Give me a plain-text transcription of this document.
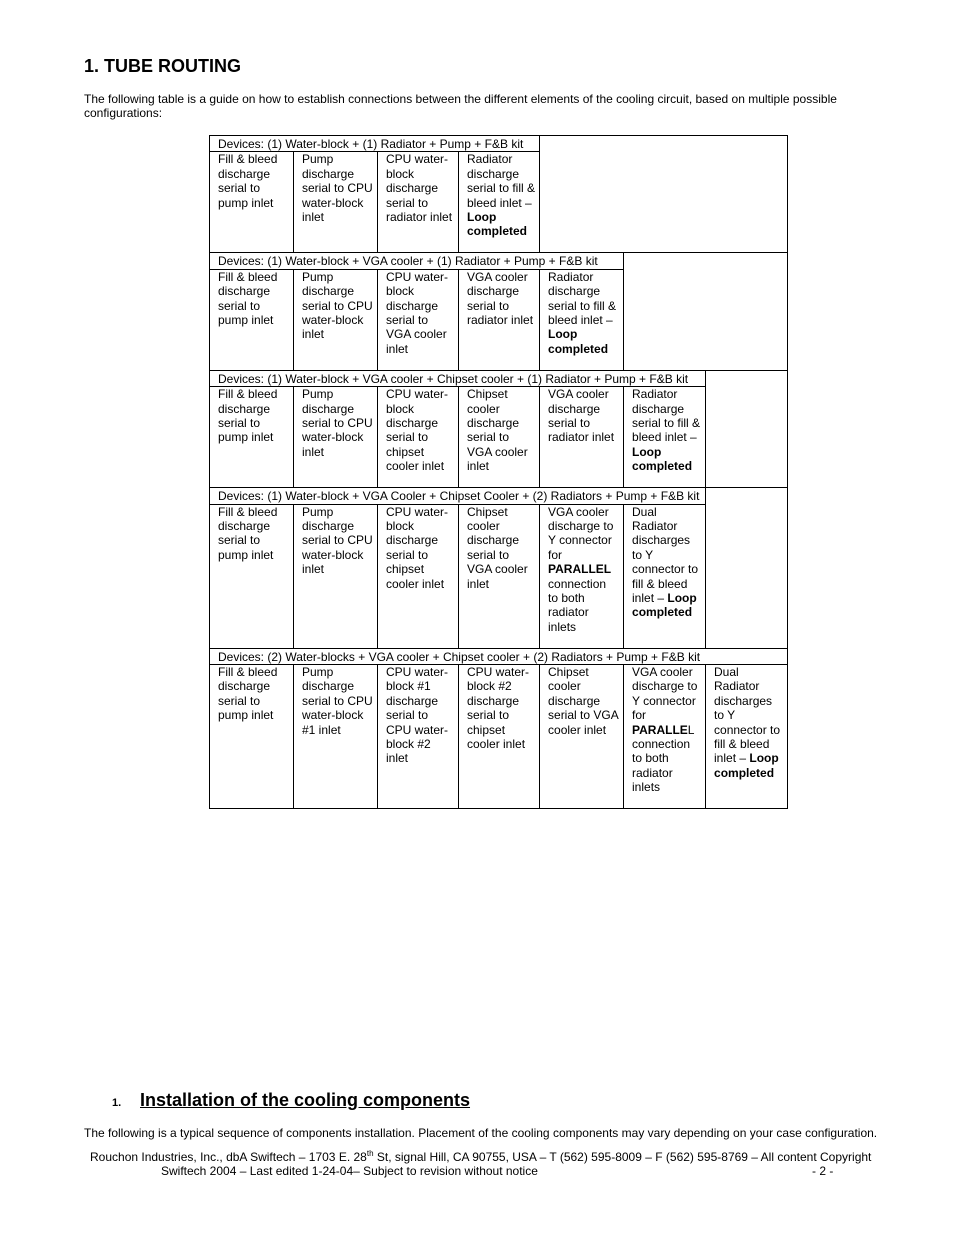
1. TUBE ROUTING

The following table is a guide on how to establish connections between the different elements of the cooling circuit, based on multiple possible configurations:

Devices: (1) Water-block + (1) Radiator + Pump + F&B kit						
Fill & bleed discharge serial to pump inlet	Pump discharge serial to CPU water-block inlet	CPU water-block discharge serial to radiator inlet	Radiator discharge serial to fill & bleed inlet – Loop completed			
Devices: (1) Water-block + VGA cooler + (1) Radiator + Pump + F&B kit						
Fill & bleed discharge serial to pump inlet	Pump discharge serial to CPU water-block inlet	CPU water-block discharge serial to VGA cooler inlet	VGA cooler discharge serial to radiator inlet	Radiator discharge serial to fill & bleed inlet – Loop completed		
Devices: (1) Water-block + VGA cooler + Chipset cooler + (1) Radiator + Pump + F&B kit						
Fill & bleed discharge serial to pump inlet	Pump discharge serial to CPU water-block inlet	CPU water-block discharge serial to chipset cooler inlet	Chipset cooler discharge serial to VGA cooler inlet	VGA cooler discharge serial to radiator inlet	Radiator discharge serial to fill & bleed inlet – Loop completed	
Devices: (1) Water-block + VGA Cooler + Chipset Cooler + (2) Radiators + Pump + F&B kit						
Fill & bleed discharge serial to pump inlet	Pump discharge serial to CPU water-block inlet	CPU water-block discharge serial to chipset cooler inlet	Chipset cooler discharge serial to VGA cooler inlet	VGA cooler discharge to Y connector for PARALLEL connection to both radiator inlets	Dual Radiator discharges to Y connector to fill & bleed inlet – Loop completed	
Devices: (2) Water-blocks + VGA cooler + Chipset cooler + (2) Radiators + Pump + F&B kit						
Fill & bleed discharge serial to pump inlet	Pump discharge serial to CPU water-block #1 inlet	CPU water-block #1 discharge serial to CPU water-block #2 inlet	CPU water-block #2 discharge serial to chipset cooler inlet	Chipset cooler discharge serial to VGA cooler inlet	VGA cooler discharge to Y connector for PARALLEL connection to both radiator inlets	Dual Radiator discharges to Y connector to fill & bleed inlet – Loop completed
1.	Installation of the cooling components

The following is a typical sequence of components installation. Placement of the cooling components may vary depending on your case configuration.

Rouchon Industries, Inc., dbA Swiftech – 1703 E. 28th St, signal Hill, CA 90755, USA – T (562) 595-8009 – F (562) 595-8769 – All content Copyright

Swiftech 2004 – Last edited 1-24-04– Subject to revision without notice	- 2 -
